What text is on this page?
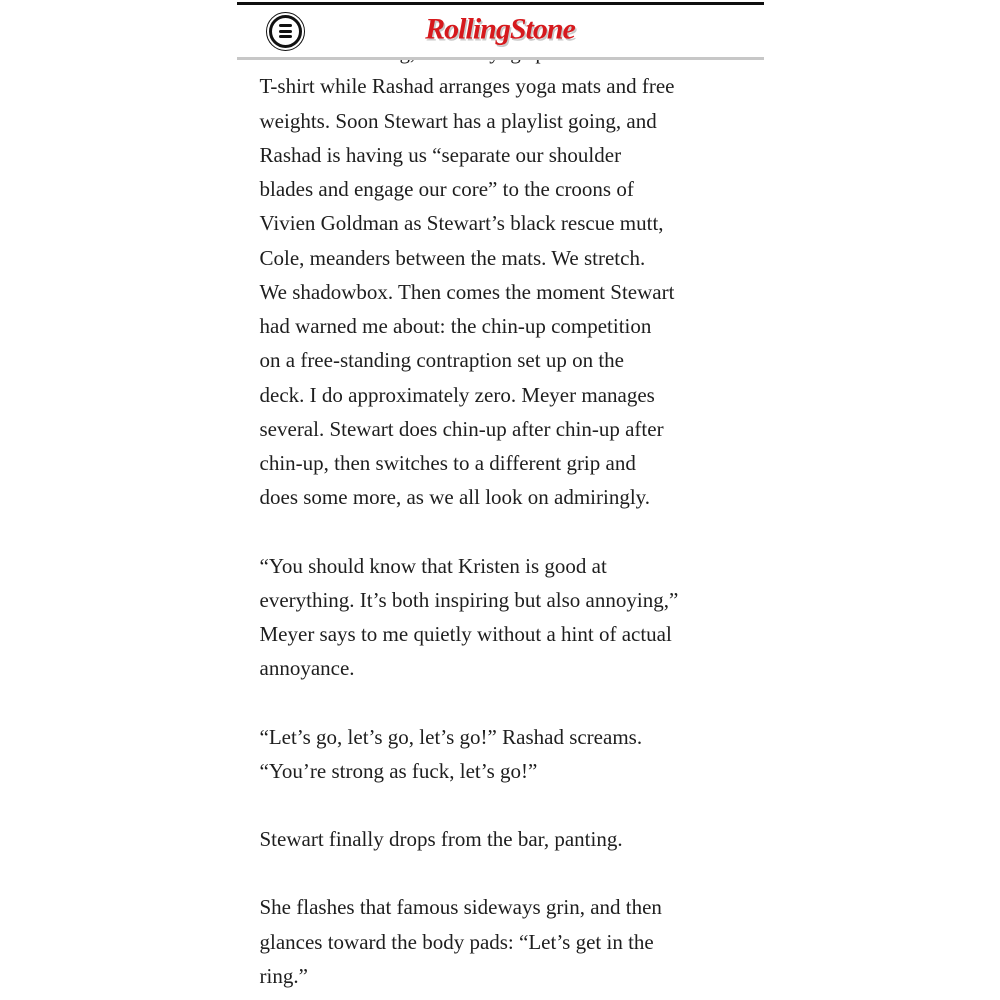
RollingStone
T-shirt while Rashad arranges yoga mats and free
weights. Soon Stewart has a playlist going, and
Rashad is having us “separate our shoulder
blades and engage our core” to the croons of
Vivien Goldman as Stewart’s black rescue mutt,
Cole, meanders between the mats. We stretch.
We shadowbox. Then comes the moment Stewart
had warned me about: the chin-up competition
on a free-standing contraption set up on the
deck. I do approximately zero. Meyer manages
several. Stewart does chin-up after chin-up after
chin-up, then switches to a different grip and
does some more, as we all look on admiringly.
“You should know that Kristen is good at
everything. It’s both inspiring but also annoying,”
Meyer says to me quietly without a hint of actual
annoyance.
“Let’s go, let’s go, let’s go!” Rashad screams.
“You’re strong as fuck, let’s go!”
Stewart finally drops from the bar, panting.
She flashes that famous sideways grin, and then
glances toward the body pads: “Let’s get in the
ring.”
